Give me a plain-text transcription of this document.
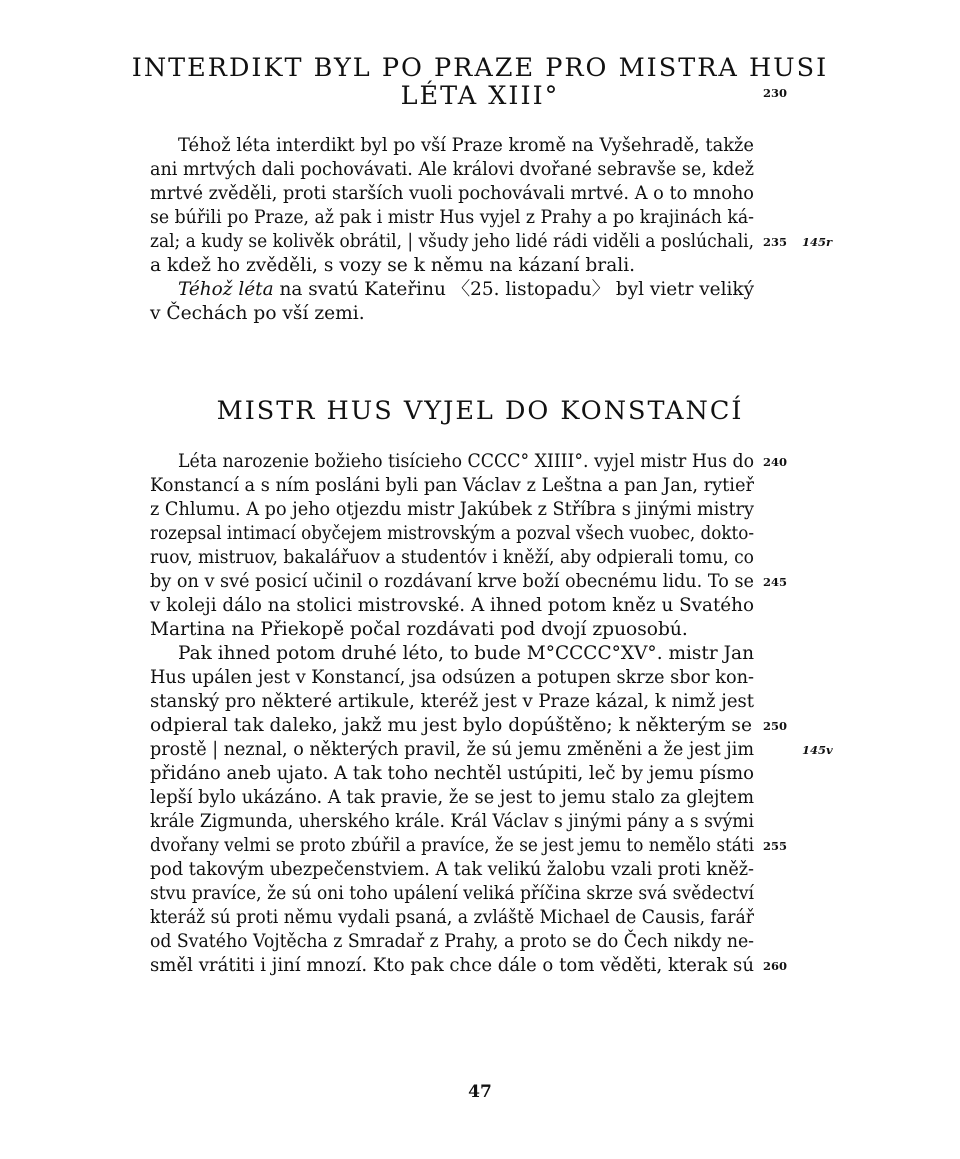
INTERDIKT BYL PO PRAZE PRO MISTRA HUSI
LÉTA XIII°
Téhož léta interdikt byl po vší Praze kromě na Vyšehradě, takže
ani mrtvých dali pochovávati. Ale královi dvořané sebravše se, kdež
mrtvé zvěděli, proti starších vuoli pochovávali mrtvé. A o to mnoho
se búřili po Praze, až pak i mistr Hus vyjel z Prahy a po krajinách ká-
zal; a kudy se kolivěk obrátil, | všudy jeho lidé rádi viděli a poslúchali,
a kdež ho zvěděli, s vozy se k němu na kázaní brali.
Téhož léta na svatú Kateřinu 〈25. listopadu〉 byl vietr veliký
v Čechách po vší zemi.
MISTR HUS VYJEL DO KONSTANCÍ
Léta narozenie božieho tisícieho CCCC° XIIII°. vyjel mistr Hus do
Konstancí a s ním posláni byli pan Václav z Leštna a pan Jan, rytieř
z Chlumu. A po jeho otjezdu mistr Jakúbek z Stříbra s jinými mistry
rozepsal intimací obyčejem mistrovským a pozval všech vuobec, dokto-
ruov, mistruov, bakalářuov a studentóv i kněží, aby odpierali tomu, co
by on v své posicí učinil o rozdávaní krve boží obecnému lidu. To se
v koleji dálo na stolici mistrovské. A ihned potom kněz u Svatého
Martina na Přiekopě počal rozdávati pod dvojí zpuosobú.
Pak ihned potom druhé léto, to bude M°CCCC°XV°. mistr Jan
Hus upálen jest v Konstancí, jsa odsúzen a potupen skrze sbor kon-
stanský pro některé artikule, kteréž jest v Praze kázal, k nimž jest
odpieral tak daleko, jakž mu jest bylo dopúštěno; k některým se
prostě | neznal, o některých pravil, že sú jemu změněni a že jest jim
přidáno aneb ujato. A tak toho nechtěl ustúpiti, leč by jemu písmo
lepší bylo ukázáno. A tak pravie, že se jest to jemu stalo za glejtem
krále Zigmunda, uherského krále. Král Václav s jinými pány a s svými
dvořany velmi se proto zbúřil a pravíce, že se jest jemu to nemělo státi
pod takovým ubezpečenstviem. A tak velikú žalobu vzali proti kněž-
stvu pravíce, že sú oni toho upálení veliká příčina skrze svá svědectví
kteráž sú proti němu vydali psaná, a zvláště Michael de Causis, farář
od Svatého Vojtěcha z Smradař z Prahy, a proto se do Čech nikdy ne-
směl vrátiti i jiní mnozí. Kto pak chce dále o tom věděti, kterak sú
230
235
240
245
250
255
260
145r
145v
47
